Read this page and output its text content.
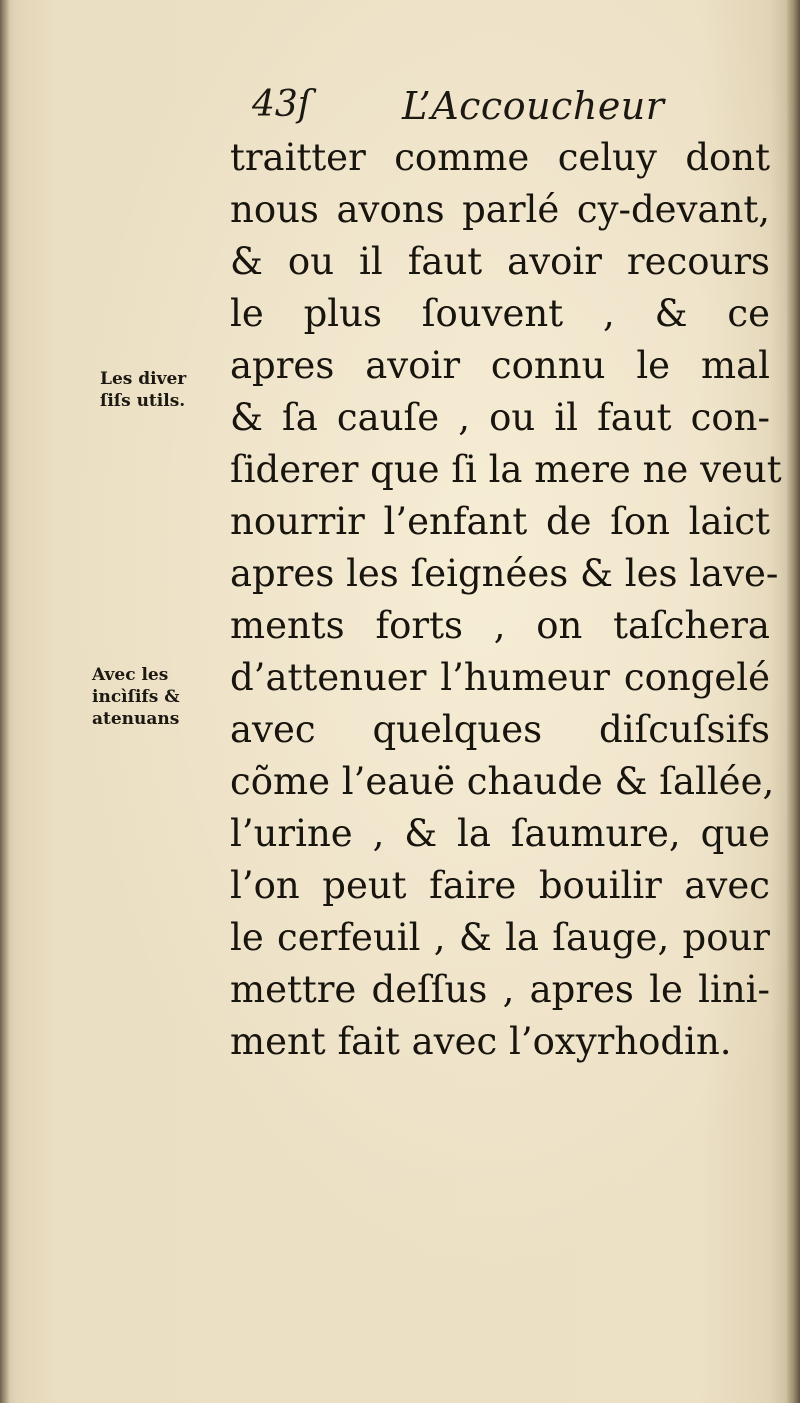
43ſ L’Accoucheur
Les diver
ſiſs utils.
Avec les
incìſifs &
atenuans
traitter comme celuy dont
nous avons parlé cy-devant,
& ou il faut avoir recours
le plus ſouvent , & ce
apres avoir connu le mal
& ſa cauſe , ou il faut con-
ſiderer que ſi la mere ne veut
nourrir l’enfant de ſon laict
apres les ſeignées & les lave-
ments forts , on taſchera
d’attenuer l’humeur congelé
avec quelques diſcuſsifs
cõme l’eauë chaude & ſallée,
l’urine , & la ſaumure, que
l’on peut faire bouilir avec
le cerfeuil , & la ſauge, pour
mettre deſſus , apres le lini-
ment fait avec l’oxyrhodin.
